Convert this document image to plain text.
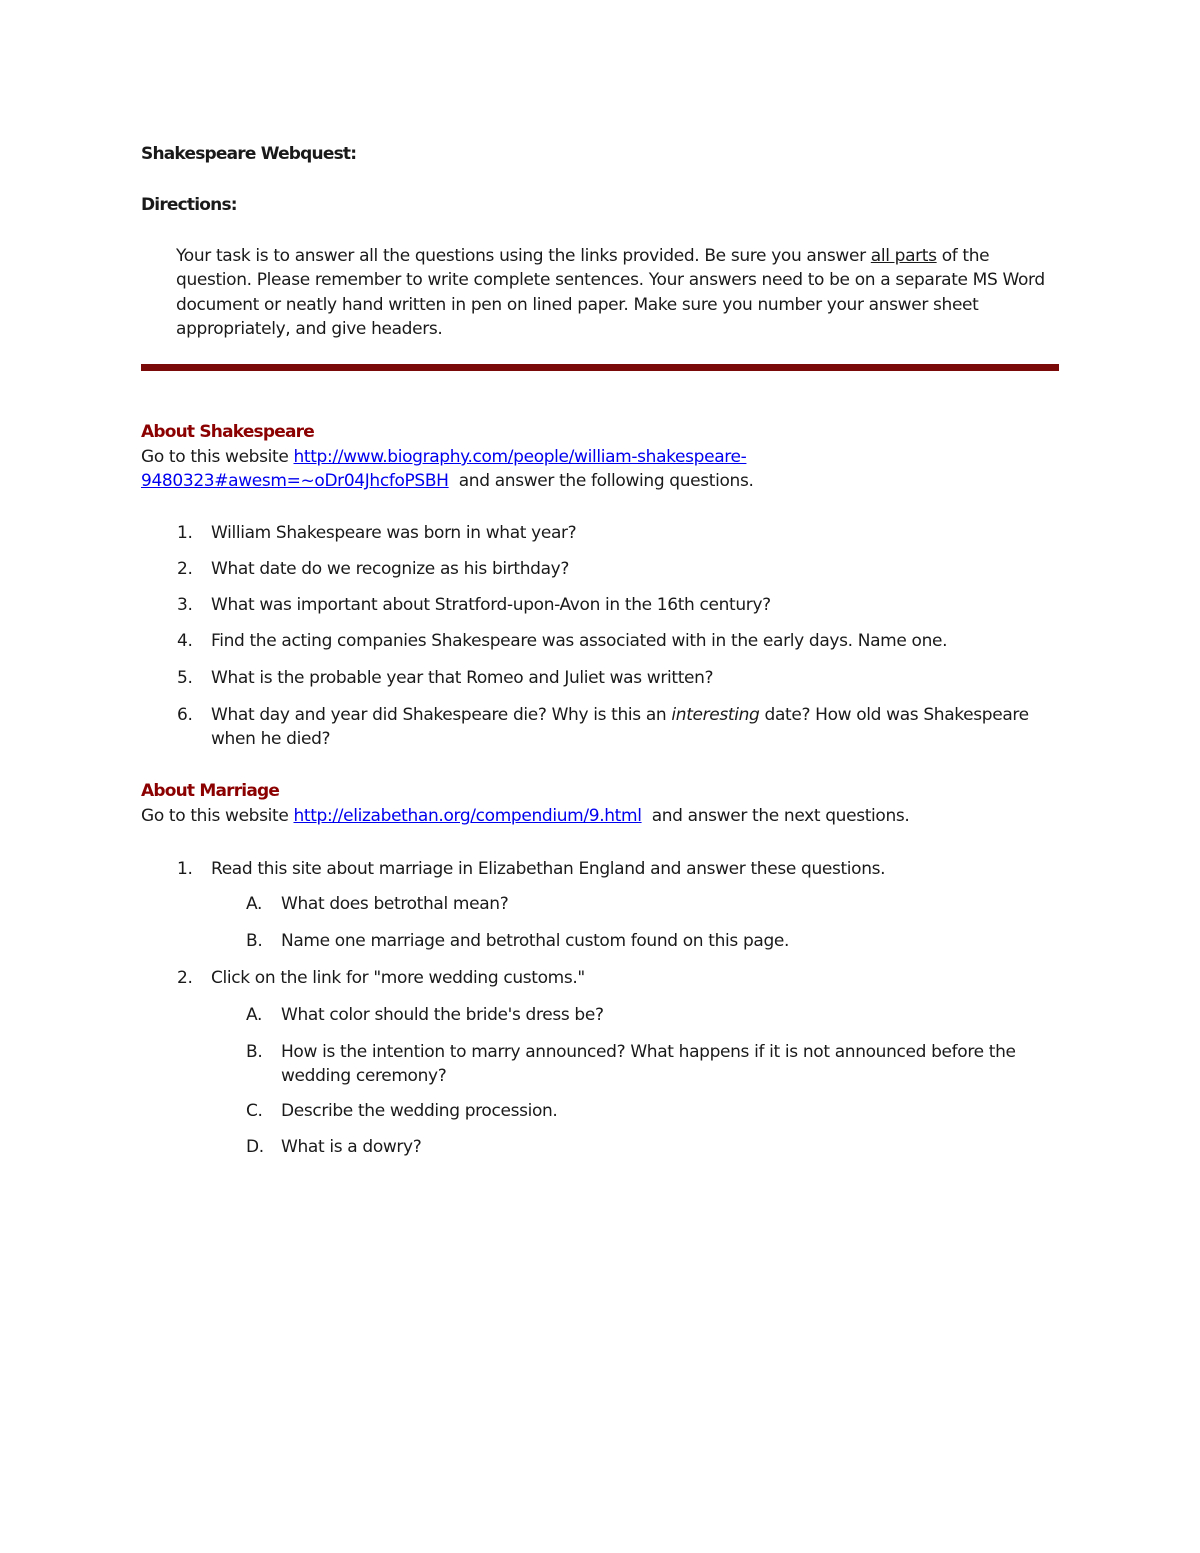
Shakespeare Webquest:
Directions:
Your task is to answer all the questions using the links provided. Be sure you answer all parts of the question. Please remember to write complete sentences. Your answers need to be on a separate MS Word document or neatly hand written in pen on lined paper. Make sure you number your answer sheet appropriately, and give headers.
About Shakespeare
Go to this website http://www.biography.com/people/william-shakespeare-
9480323#awesm=~oDr04JhcfoPSBH and answer the following questions.
1.	William Shakespeare was born in what year?
2.	What date do we recognize as his birthday?
3.	What was important about Stratford-upon-Avon in the 16th century?
4.	Find the acting companies Shakespeare was associated with in the early days. Name one.
5.	What is the probable year that Romeo and Juliet was written?
6.	What day and year did Shakespeare die? Why is this an interesting date? How old was Shakespeare when he died?
About Marriage
Go to this website http://elizabethan.org/compendium/9.html and answer the next questions.
1.	Read this site about marriage in Elizabethan England and answer these questions.
A.	What does betrothal mean?
B.	Name one marriage and betrothal custom found on this page.
2.	Click on the link for "more wedding customs."
A.	What color should the bride's dress be?
B.	How is the intention to marry announced? What happens if it is not announced before the wedding ceremony?
C.	Describe the wedding procession.
D.	What is a dowry?
